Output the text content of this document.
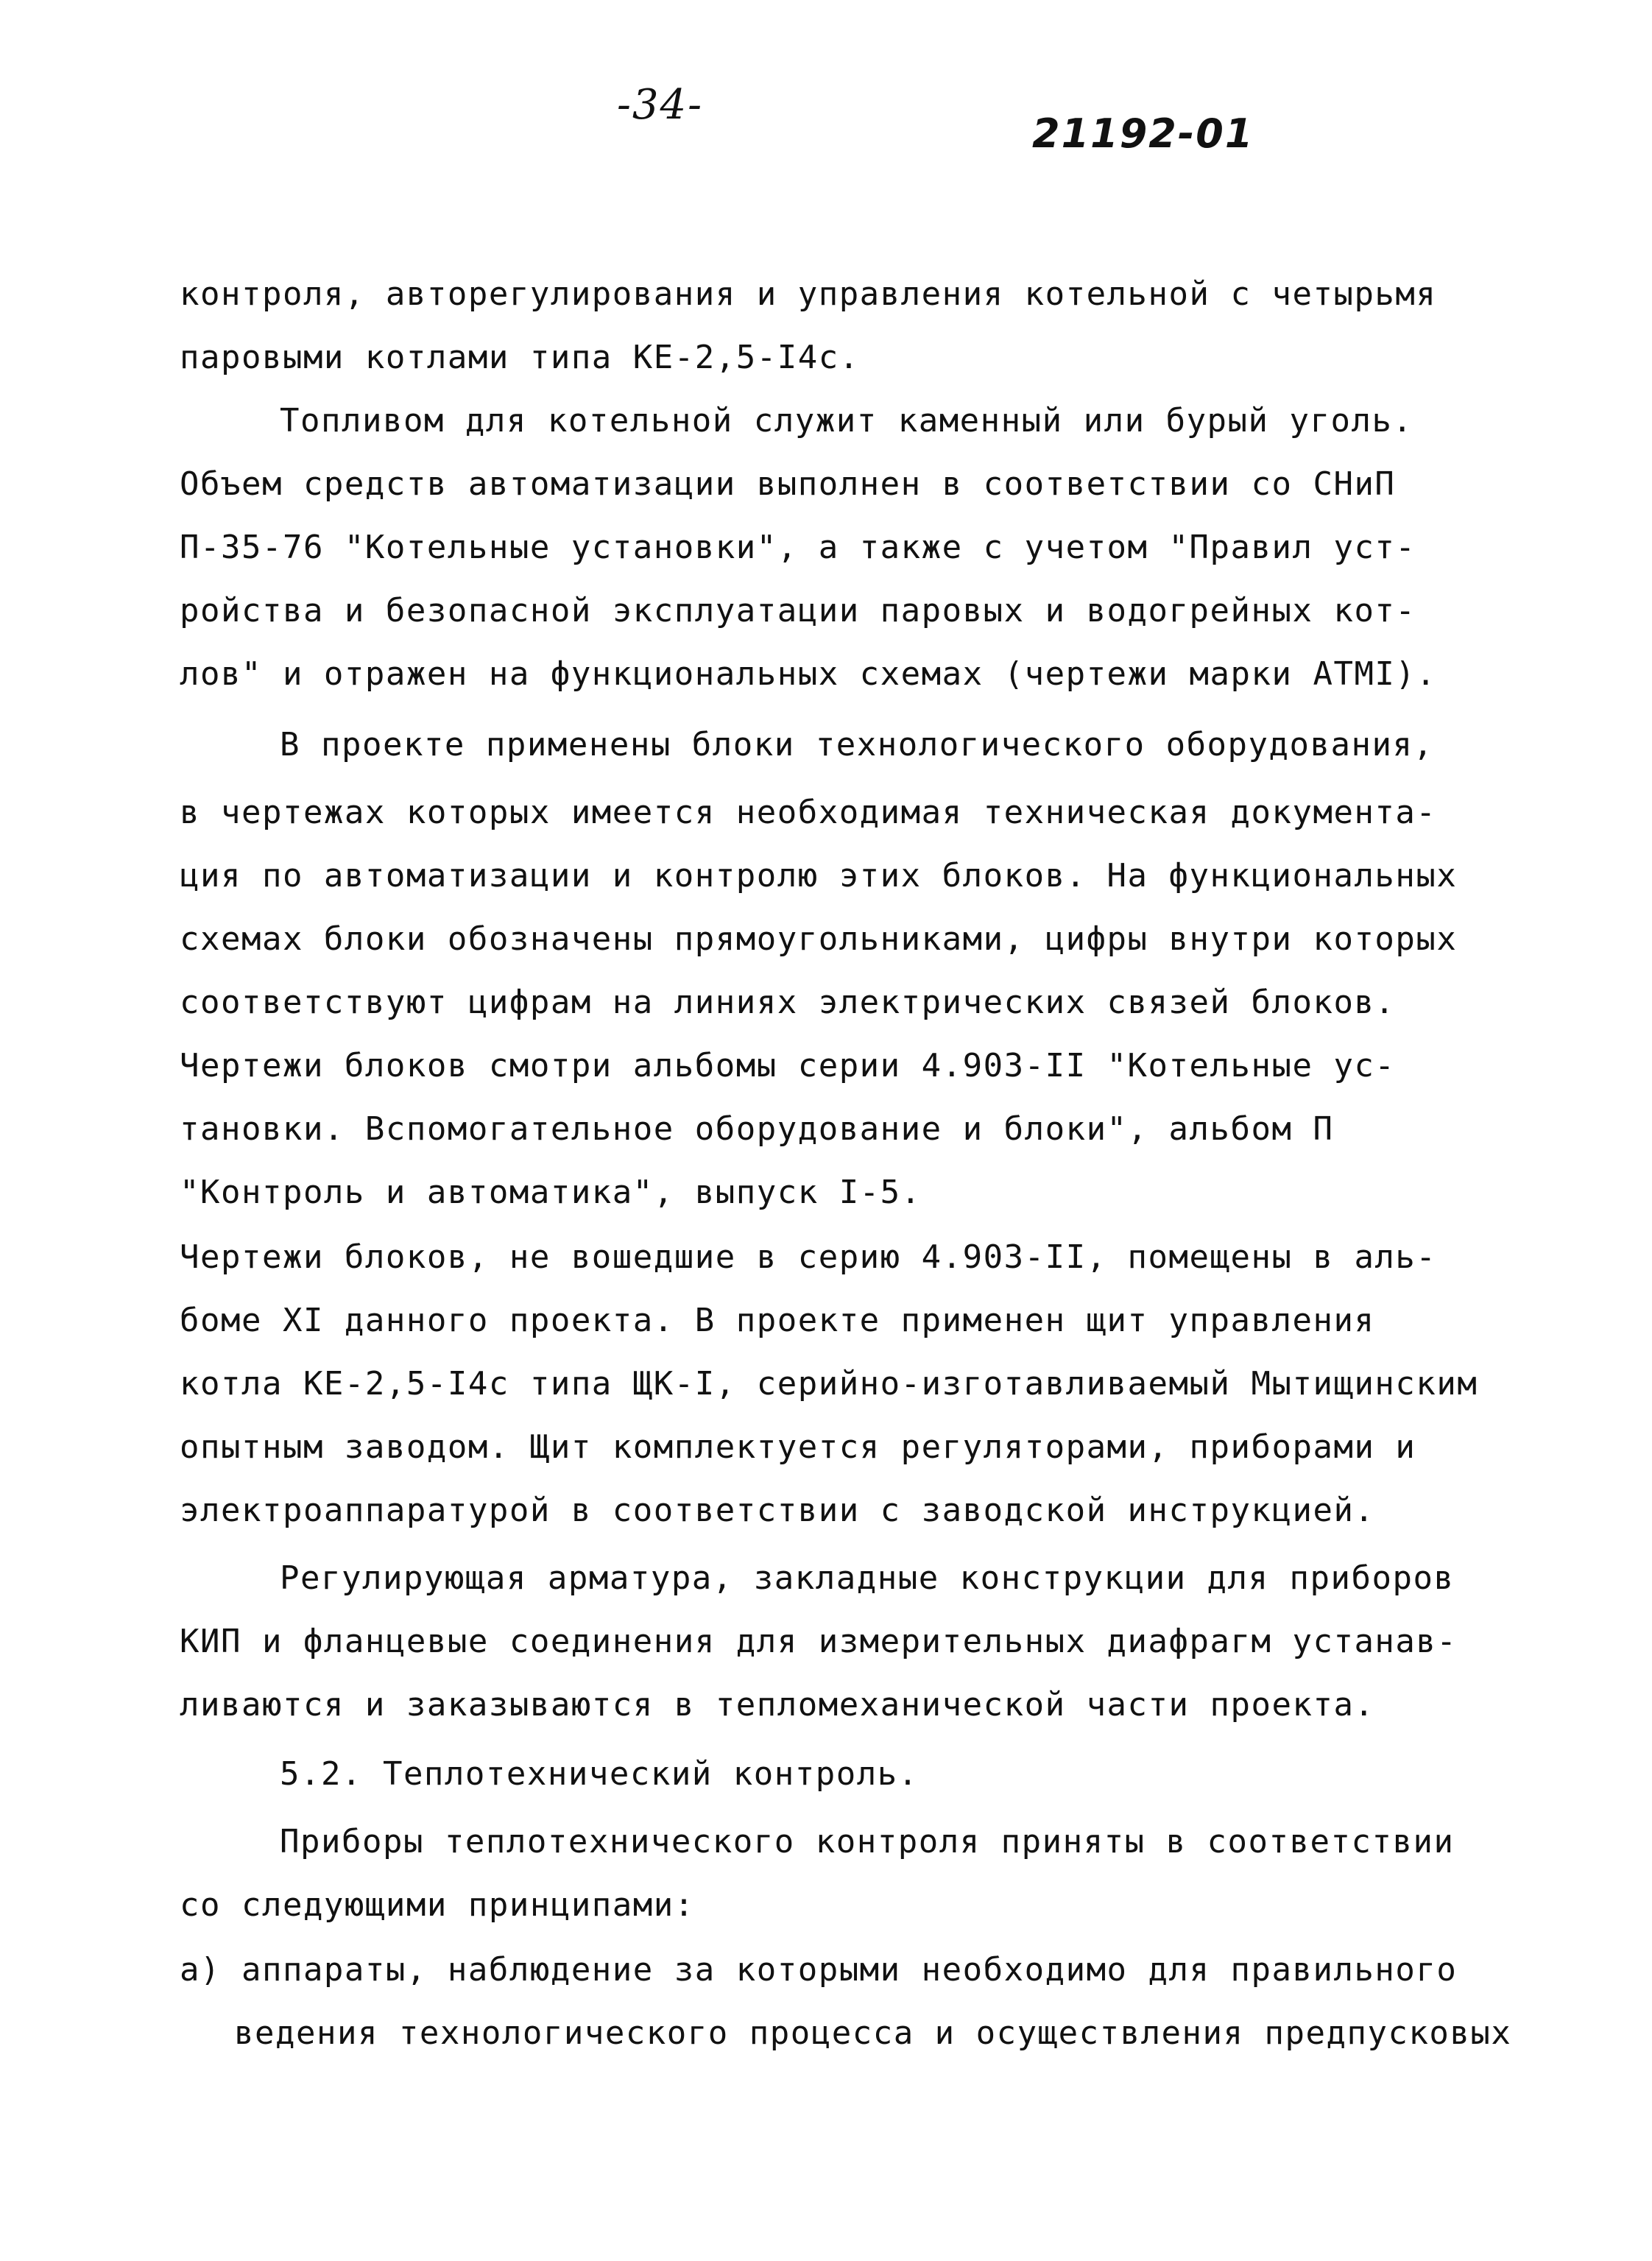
-34-
21192-01
контроля, авторегулирования и управления котельной с четырьмя
паровыми котлами типа КЕ-2,5-I4с.
Топливом для котельной служит каменный или бурый уголь.
Объем средств автоматизации выполнен в соответствии со СНиП
П-35-76 "Котельные установки", а также с учетом "Правил уст-
ройства и безопасной эксплуатации паровых и водогрейных кот-
лов" и отражен на функциональных схемах (чертежи марки АТМI).
В проекте применены блоки технологического оборудования,
в чертежах которых имеется необходимая техническая документа-
ция по автоматизации и контролю этих блоков. На функциональных
схемах блоки обозначены прямоугольниками, цифры внутри которых
соответствуют цифрам на линиях электрических связей блоков.
Чертежи блоков смотри альбомы серии 4.903-II "Котельные ус-
тановки. Вспомогательное оборудование и блоки", альбом П
"Контроль и автоматика", выпуск I-5.
Чертежи блоков, не вошедшие в серию 4.903-II, помещены в аль-
боме XI данного проекта. В проекте применен щит управления
котла КЕ-2,5-I4с типа ЩК-I, серийно-изготавливаемый Мытищинским
опытным заводом. Щит комплектуется регуляторами, приборами и
электроаппаратурой в соответствии с заводской инструкцией.
Регулирующая арматура, закладные конструкции для приборов
КИП и фланцевые соединения для измерительных диафрагм устанав-
ливаются и заказываются в тепломеханической части проекта.
5.2. Теплотехнический контроль.
Приборы теплотехнического контроля приняты в соответствии
со следующими принципами:
а) аппараты, наблюдение за которыми необходимо для правильного
ведения технологического процесса и осуществления предпусковых
